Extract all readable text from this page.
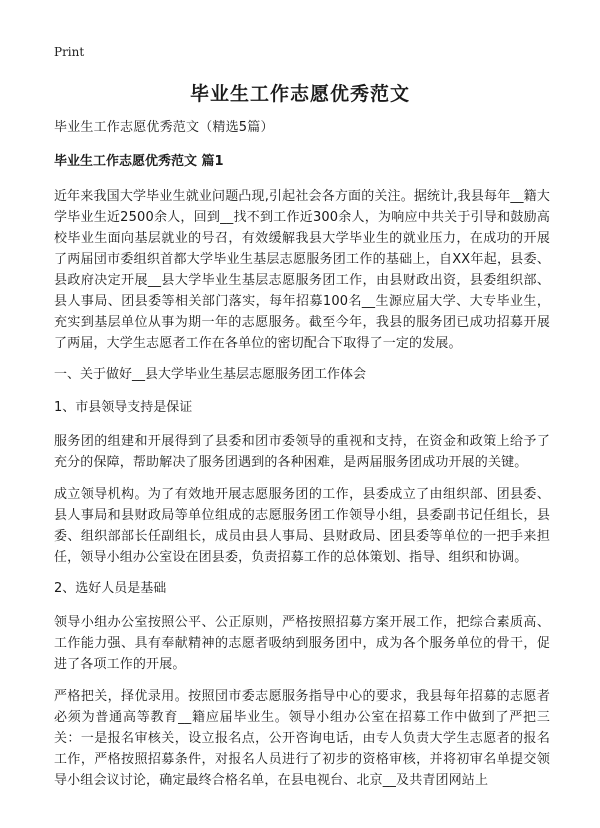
Print
毕业生工作志愿优秀范文

毕业生工作志愿优秀范文（精选5篇）

毕业生工作志愿优秀范文 篇1

近年来我国大学毕业生就业问题凸现,引起社会各方面的关注。据统计,我县每年__籍大学毕业生近2500余人，回到__找不到工作近300余人，为响应中共关于引导和鼓励高校毕业生面向基层就业的号召，有效缓解我县大学毕业生的就业压力，在成功的开展了两届団市委组织首都大学毕业生基层志愿服务团工作的基础上，自XX年起，县委、县政府决定开展__县大学毕业生基层志愿服务团工作，由县财政出资，县委组织部、县人事局、团县委等相关部门落实，每年招募100名__生源应届大学、大专毕业生，充实到基层单位从事为期一年的志愿服务。截至今年，我县的服务团已成功招募开展了两届，大学生志愿者工作在各单位的密切配合下取得了一定的发展。

一、关于做好__县大学毕业生基层志愿服务团工作体会

1、市县领导支持是保证

服务团的组建和开展得到了县委和团市委领导的重视和支持，在资金和政策上给予了充分的保障，帮助解决了服务团遇到的各种困难，是两届服务团成功开展的关键。

成立领导机构。为了有效地开展志愿服务团的工作，县委成立了由组织部、团县委、县人事局和县财政局等单位组成的志愿服务团工作领导小组，县委副书记任组长，县委、组织部部长任副组长，成员由县人事局、县财政局、团县委等单位的一把手来担任，领导小组办公室设在团县委，负责招募工作的总体策划、指导、组织和协调。

2、选好人员是基础

领导小组办公室按照公平、公正原则，严格按照招募方案开展工作，把综合素质高、工作能力强、具有奉献精神的志愿者吸纳到服务团中，成为各个服务单位的骨干，促进了各项工作的开展。

严格把关，择优录用。按照団市委志愿服务指导中心的要求，我县每年招募的志愿者必须为普通高等教育__籍应届毕业生。领导小组办公室在招募工作中做到了严把三关：一是报名审核关，设立报名点，公开咨询电话，由专人负责大学生志愿者的报名工作，严格按照招募条件，对报名人员进行了初步的资格审核，并将初审名单提交领导小组会议讨论，确定最终合格名单，在县电视台、北京__及共青团网站上
